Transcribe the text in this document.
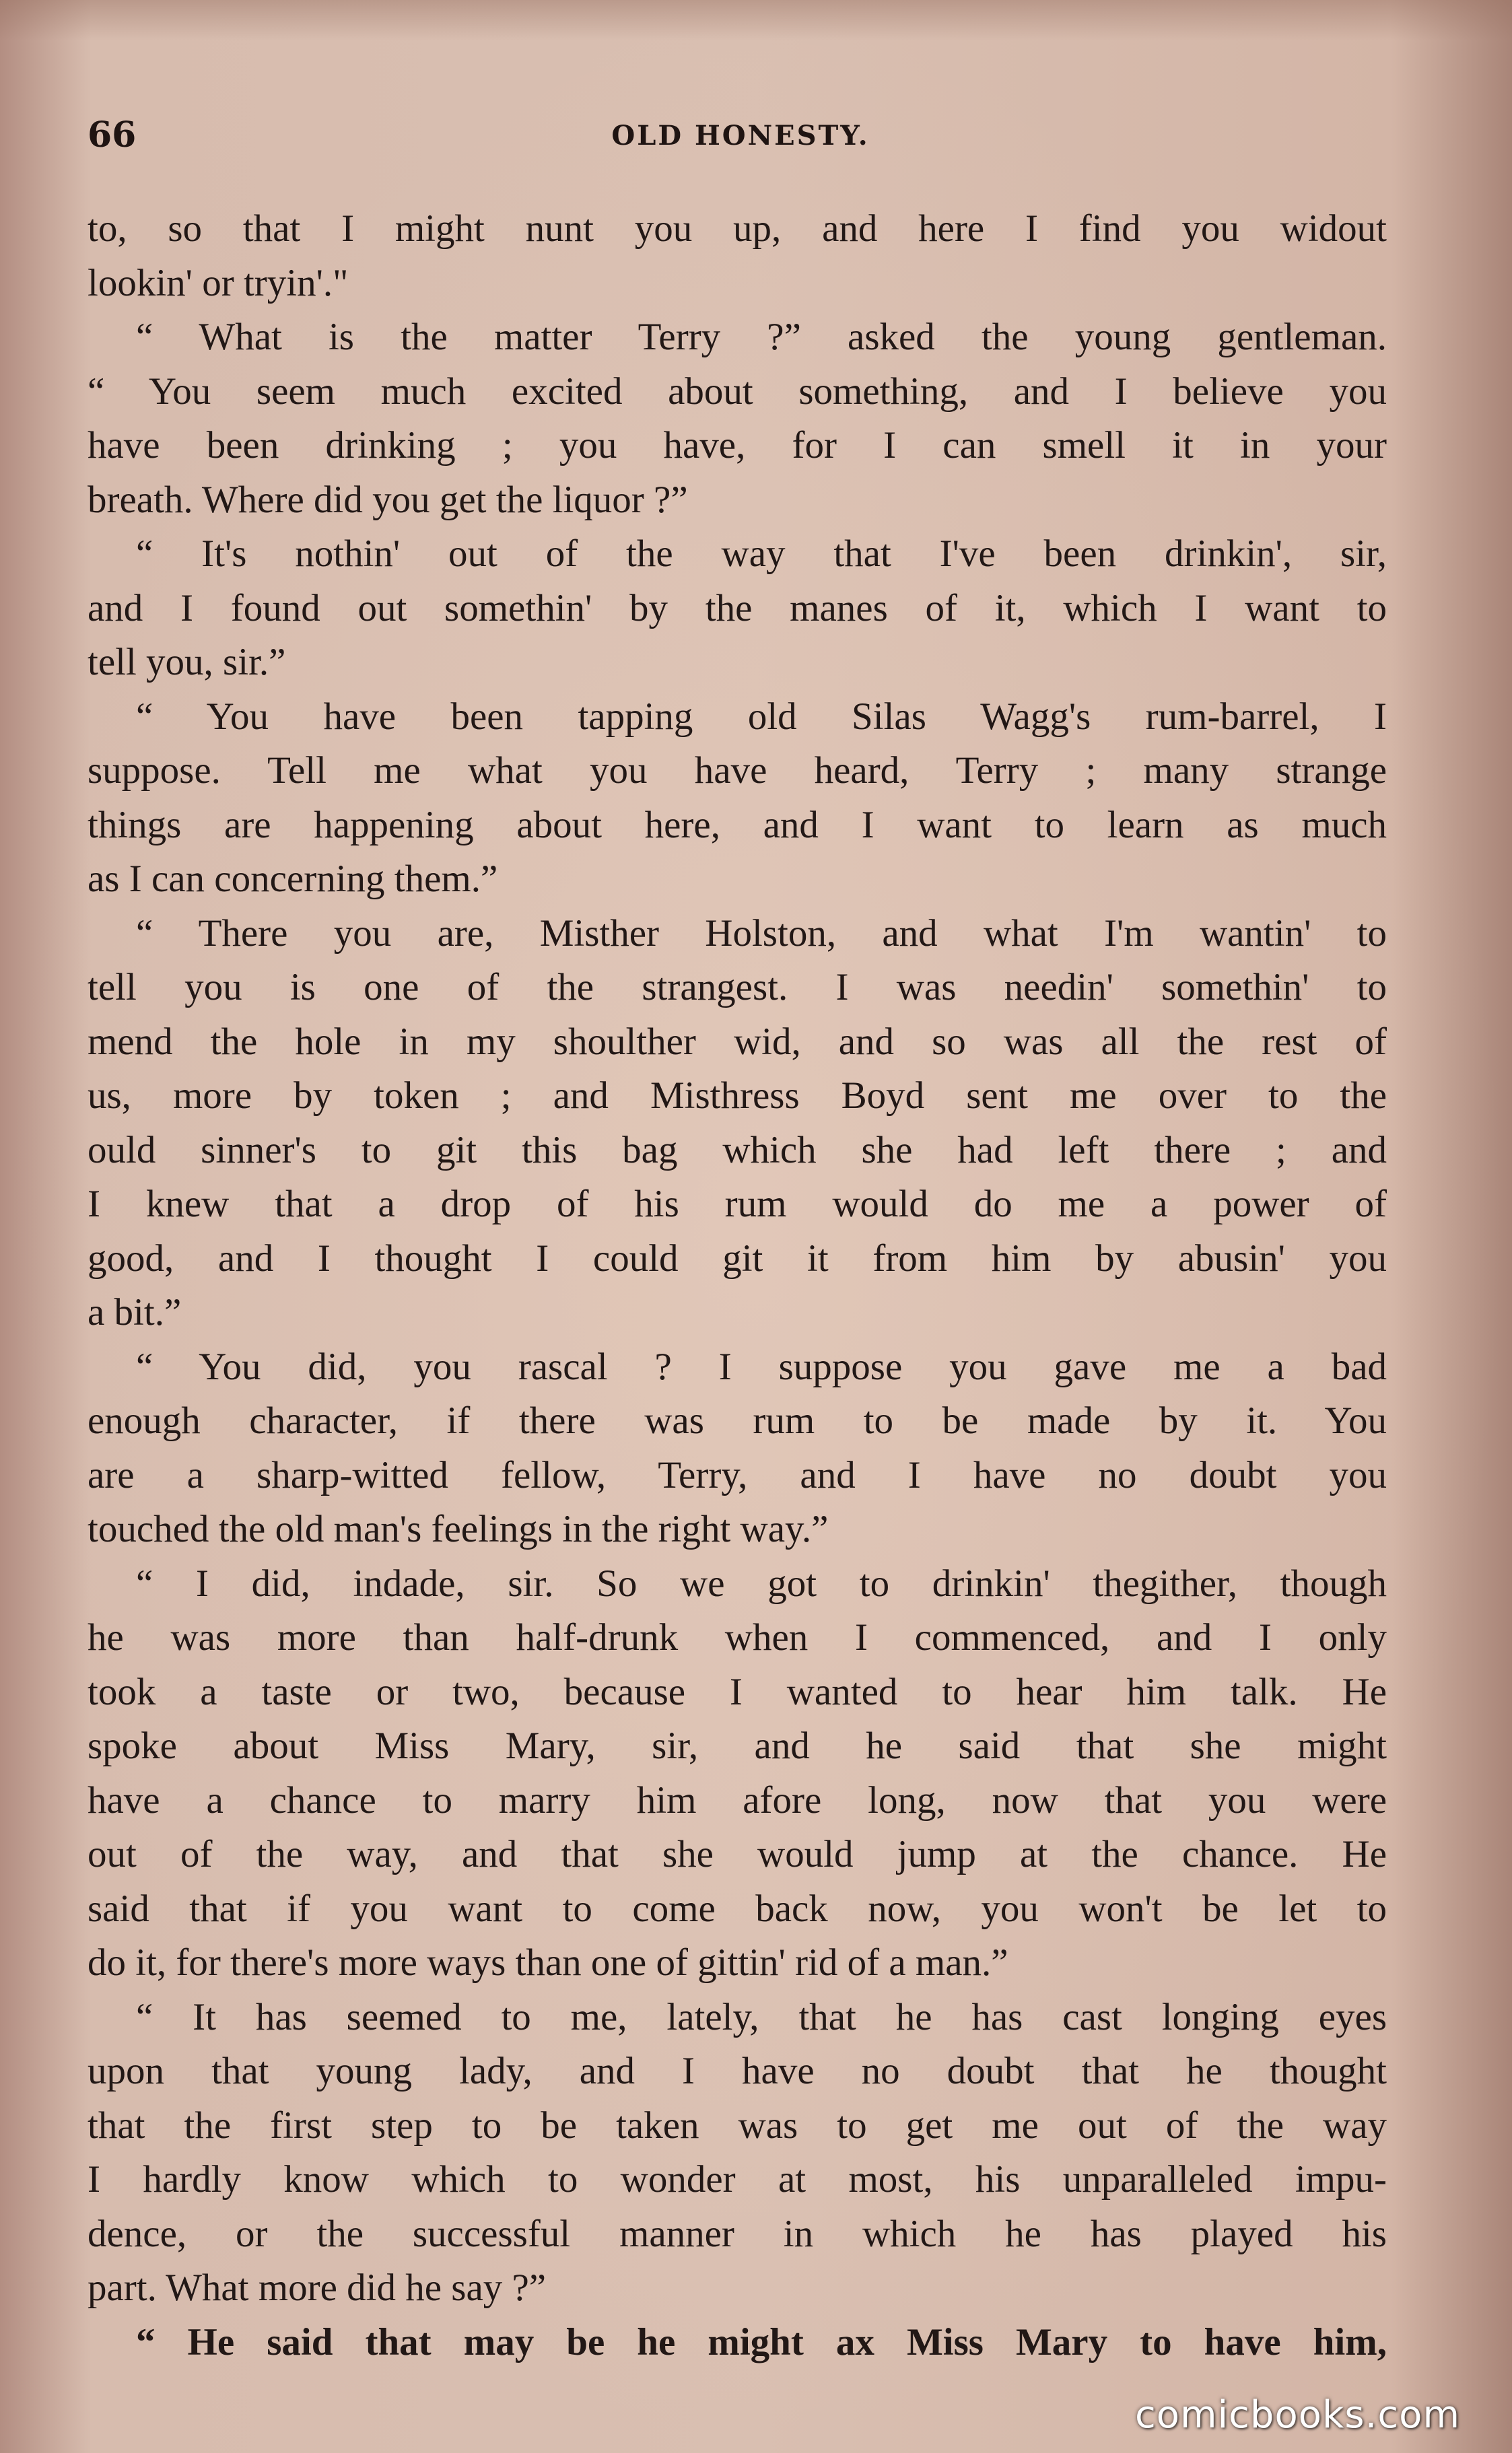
66	OLD HONESTY.
to, so that I might nunt you up, and here I find you widout
lookin' or tryin'."
“ What is the matter Terry ?” asked the young gentleman.
“ You seem much excited about something, and I believe you
have been drinking ; you have, for I can smell it in your
breath. Where did you get the liquor ?”
“ It's nothin' out of the way that I've been drinkin', sir,
and I found out somethin' by the manes of it, which I want to
tell you, sir.”
“ You have been tapping old Silas Wagg's rum-barrel, I
suppose. Tell me what you have heard, Terry ; many strange
things are happening about here, and I want to learn as much
as I can concerning them.”
“ There you are, Misther Holston, and what I'm wantin' to
tell you is one of the strangest. I was needin' somethin' to
mend the hole in my shoulther wid, and so was all the rest of
us, more by token ; and Misthress Boyd sent me over to the
ould sinner's to git this bag which she had left there ; and
I knew that a drop of his rum would do me a power of
good, and I thought I could git it from him by abusin' you
a bit.”
“ You did, you rascal ? I suppose you gave me a bad
enough character, if there was rum to be made by it. You
are a sharp-witted fellow, Terry, and I have no doubt you
touched the old man's feelings in the right way.”
“ I did, indade, sir. So we got to drinkin' thegither, though
he was more than half-drunk when I commenced, and I only
took a taste or two, because I wanted to hear him talk. He
spoke about Miss Mary, sir, and he said that she might
have a chance to marry him afore long, now that you were
out of the way, and that she would jump at the chance. He
said that if you want to come back now, you won't be let to
do it, for there's more ways than one of gittin' rid of a man.”
“ It has seemed to me, lately, that he has cast longing eyes
upon that young lady, and I have no doubt that he thought
that the first step to be taken was to get me out of the way
I hardly know which to wonder at most, his unparalleled impu-
dence, or the successful manner in which he has played his
part. What more did he say ?”
“ He said that may be he might ax Miss Mary to have him,
comicbooks.com
